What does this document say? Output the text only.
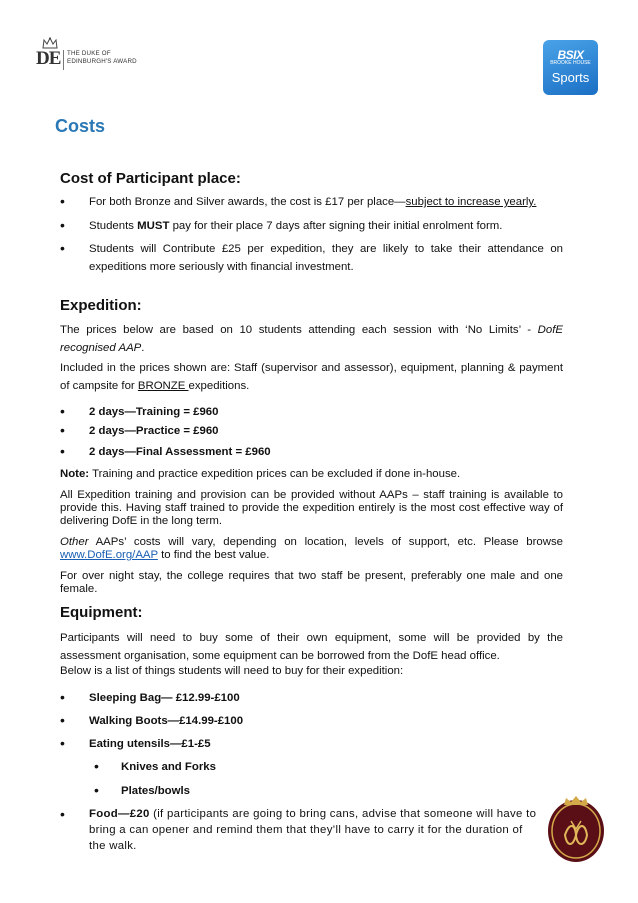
DE THE DUKE OF
EDINBURGH'S AWARD	BSIX
BROOKE HOUSE
Sports
Costs
Cost of Participant place:
• For both Bronze and Silver awards, the cost is £17 per place—subject to increase yearly.
• Students MUST pay for their place 7 days after signing their initial enrolment form.
• Students will Contribute £25 per expedition, they are likely to take their attendance on expeditions more seriously with financial investment.
Expedition:

The prices below are based on 10 students attending each session with ‘No Limits’ - DofE recognised AAP.

Included in the prices shown are: Staff (supervisor and assessor), equipment, planning & payment of campsite for BRONZE expeditions.

• 2 days—Training = £960
• 2 days—Practice = £960
• 2 days—Final Assessment = £960

Note: Training and practice expedition prices can be excluded if done in-house.

All Expedition training and provision can be provided without AAPs – staff training is available to provide this. Having staff trained to provide the expedition entirely is the most cost effective way of delivering DofE in the long term.

Other AAPs’ costs will vary, depending on location, levels of support, etc. Please browse www.DofE.org/AAP to find the best value.

For over night stay, the college requires that two staff be present, preferably one male and one female.

Equipment:

Participants will need to buy some of their own equipment, some will be provided by the assessment organisation, some equipment can be borrowed from the DofE head office.

Below is a list of things students will need to buy for their expedition:

• Sleeping Bag— £12.99-£100
• Walking Boots—£14.99-£100
• Eating utensils—£1-£5
• Knives and Forks
• Plates/bowls
• Food—£20 (if participants are going to bring cans, advise that someone will have to bring a can opener and remind them that they’ll have to carry it for the duration of the walk.
